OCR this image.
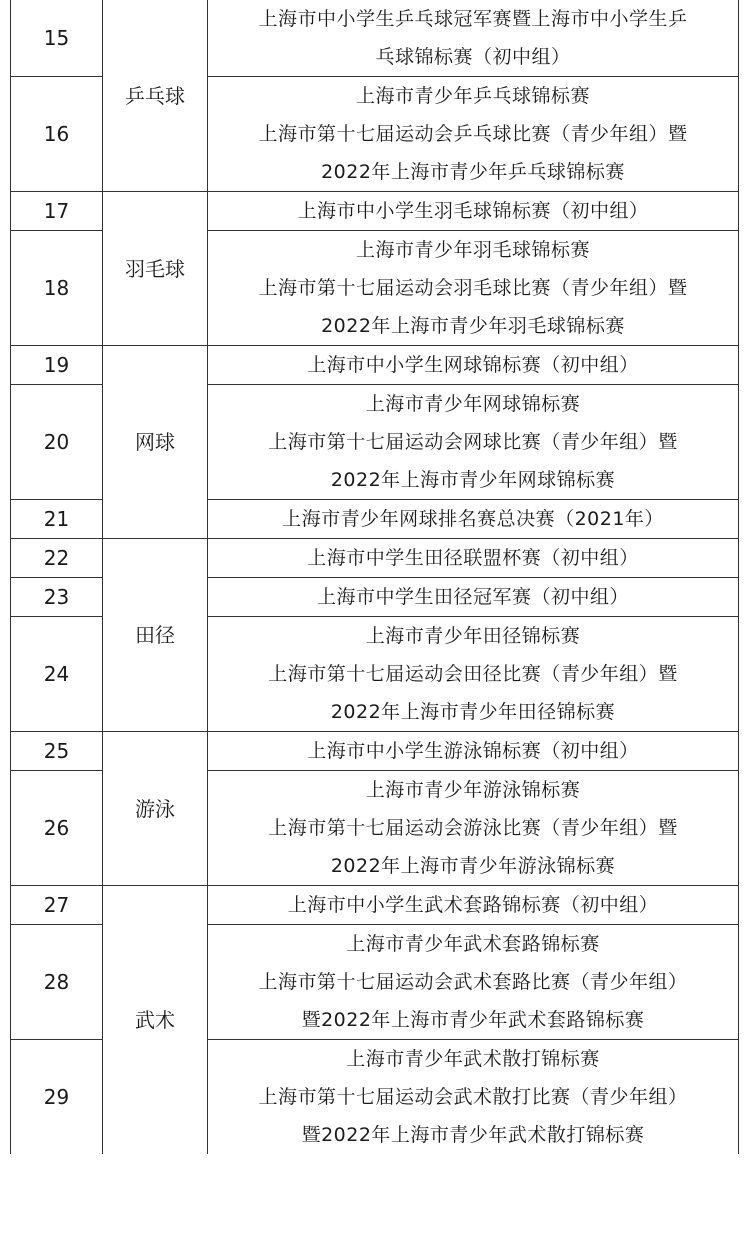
15	乒乓球	上海市中小学生乒乓球冠军赛暨上海市中小学生乒
乓球锦标赛（初中组）

16		上海市青少年乒乓球锦标赛
上海市第十七届运动会乒乓球比赛（青少年组）暨
2022年上海市青少年乒乓球锦标赛

17	羽毛球	上海市中小学生羽毛球锦标赛（初中组）

18		上海市青少年羽毛球锦标赛
上海市第十七届运动会羽毛球比赛（青少年组）暨
2022年上海市青少年羽毛球锦标赛

19	网球	上海市中小学生网球锦标赛（初中组）

20		上海市青少年网球锦标赛
上海市第十七届运动会网球比赛（青少年组）暨
2022年上海市青少年网球锦标赛

21		上海市青少年网球排名赛总决赛（2021年）

22	田径	上海市中学生田径联盟杯赛（初中组）

23		上海市中学生田径冠军赛（初中组）

24		上海市青少年田径锦标赛
上海市第十七届运动会田径比赛（青少年组）暨
2022年上海市青少年田径锦标赛

25	游泳	上海市中小学生游泳锦标赛（初中组）

26		上海市青少年游泳锦标赛
上海市第十七届运动会游泳比赛（青少年组）暨
2022年上海市青少年游泳锦标赛

27	武术	上海市中小学生武术套路锦标赛（初中组）

28		上海市青少年武术套路锦标赛
上海市第十七届运动会武术套路比赛（青少年组）
暨2022年上海市青少年武术套路锦标赛

29		上海市青少年武术散打锦标赛
上海市第十七届运动会武术散打比赛（青少年组）
暨2022年上海市青少年武术散打锦标赛
